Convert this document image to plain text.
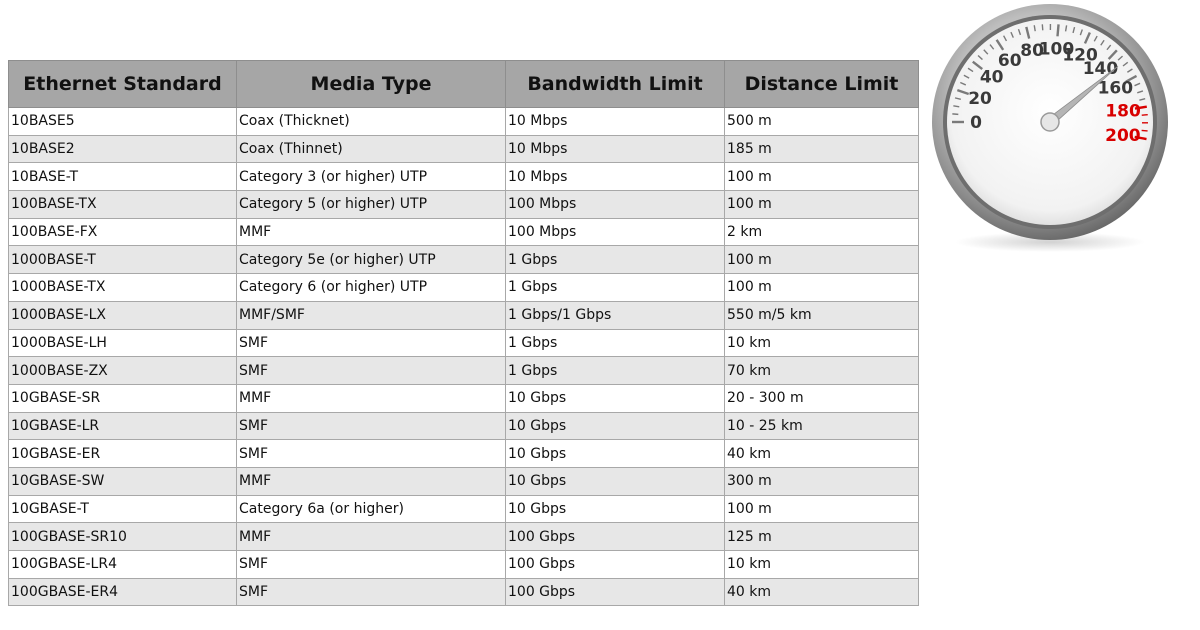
Ethernet Standard	Media Type	Bandwidth Limit	Distance Limit
10BASE5	Coax (Thicknet)	10 Mbps	500 m
10BASE2	Coax (Thinnet)	10 Mbps	185 m
10BASE-T	Category 3 (or higher) UTP	10 Mbps	100 m
100BASE-TX	Category 5 (or higher) UTP	100 Mbps	100 m
100BASE-FX	MMF	100 Mbps	2 km
1000BASE-T	Category 5e (or higher) UTP	1 Gbps	100 m
1000BASE-TX	Category 6 (or higher) UTP	1 Gbps	100 m
1000BASE-LX	MMF/SMF	1 Gbps/1 Gbps	550 m/5 km
1000BASE-LH	SMF	1 Gbps	10 km
1000BASE-ZX	SMF	1 Gbps	70 km
10GBASE-SR	MMF	10 Gbps	20 - 300 m
10GBASE-LR	SMF	10 Gbps	10 - 25 km
10GBASE-ER	SMF	10 Gbps	40 km
10GBASE-SW	MMF	10 Gbps	300 m
10GBASE-T	Category 6a (or higher)	10 Gbps	100 m
100GBASE-SR10	MMF	100 Gbps	125 m
100GBASE-LR4	SMF	100 Gbps	10 km
100GBASE-ER4	SMF	100 Gbps	40 km
0
20
40
60
80
100
120
140
160
180
200
